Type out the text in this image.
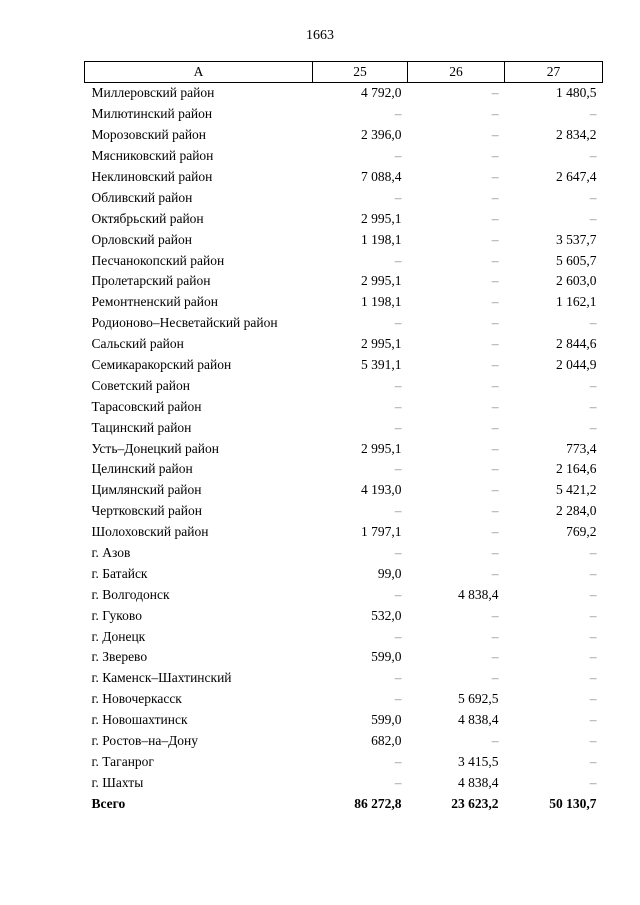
1663
А	25	26	27
Миллеровский район	4 792,0	–	1 480,5
Милютинский район	–	–	–
Морозовский район	2 396,0	–	2 834,2
Мясниковский район	–	–	–
Неклиновский район	7 088,4	–	2 647,4
Обливский район	–	–	–
Октябрьский район	2 995,1	–	–
Орловский район	1 198,1	–	3 537,7
Песчанокопский район	–	–	5 605,7
Пролетарский район	2 995,1	–	2 603,0
Ремонтненский район	1 198,1	–	1 162,1
Родионово–Несветайский район	–	–	–
Сальский район	2 995,1	–	2 844,6
Семикаракорский район	5 391,1	–	2 044,9
Советский район	–	–	–
Тарасовский район	–	–	–
Тацинский район	–	–	–
Усть–Донецкий район	2 995,1	–	773,4
Целинский район	–	–	2 164,6
Цимлянский район	4 193,0	–	5 421,2
Чертковский район	–	–	2 284,0
Шолоховский район	1 797,1	–	769,2
г. Азов	–	–	–
г. Батайск	99,0	–	–
г. Волгодонск	–	4 838,4	–
г. Гуково	532,0	–	–
г. Донецк	–	–	–
г. Зверево	599,0	–	–
г. Каменск–Шахтинский	–	–	–
г. Новочеркасск	–	5 692,5	–
г. Новошахтинск	599,0	4 838,4	–
г. Ростов–на–Дону	682,0	–	–
г. Таганрог	–	3 415,5	–
г. Шахты	–	4 838,4	–
Всего	86 272,8	23 623,2	50 130,7
